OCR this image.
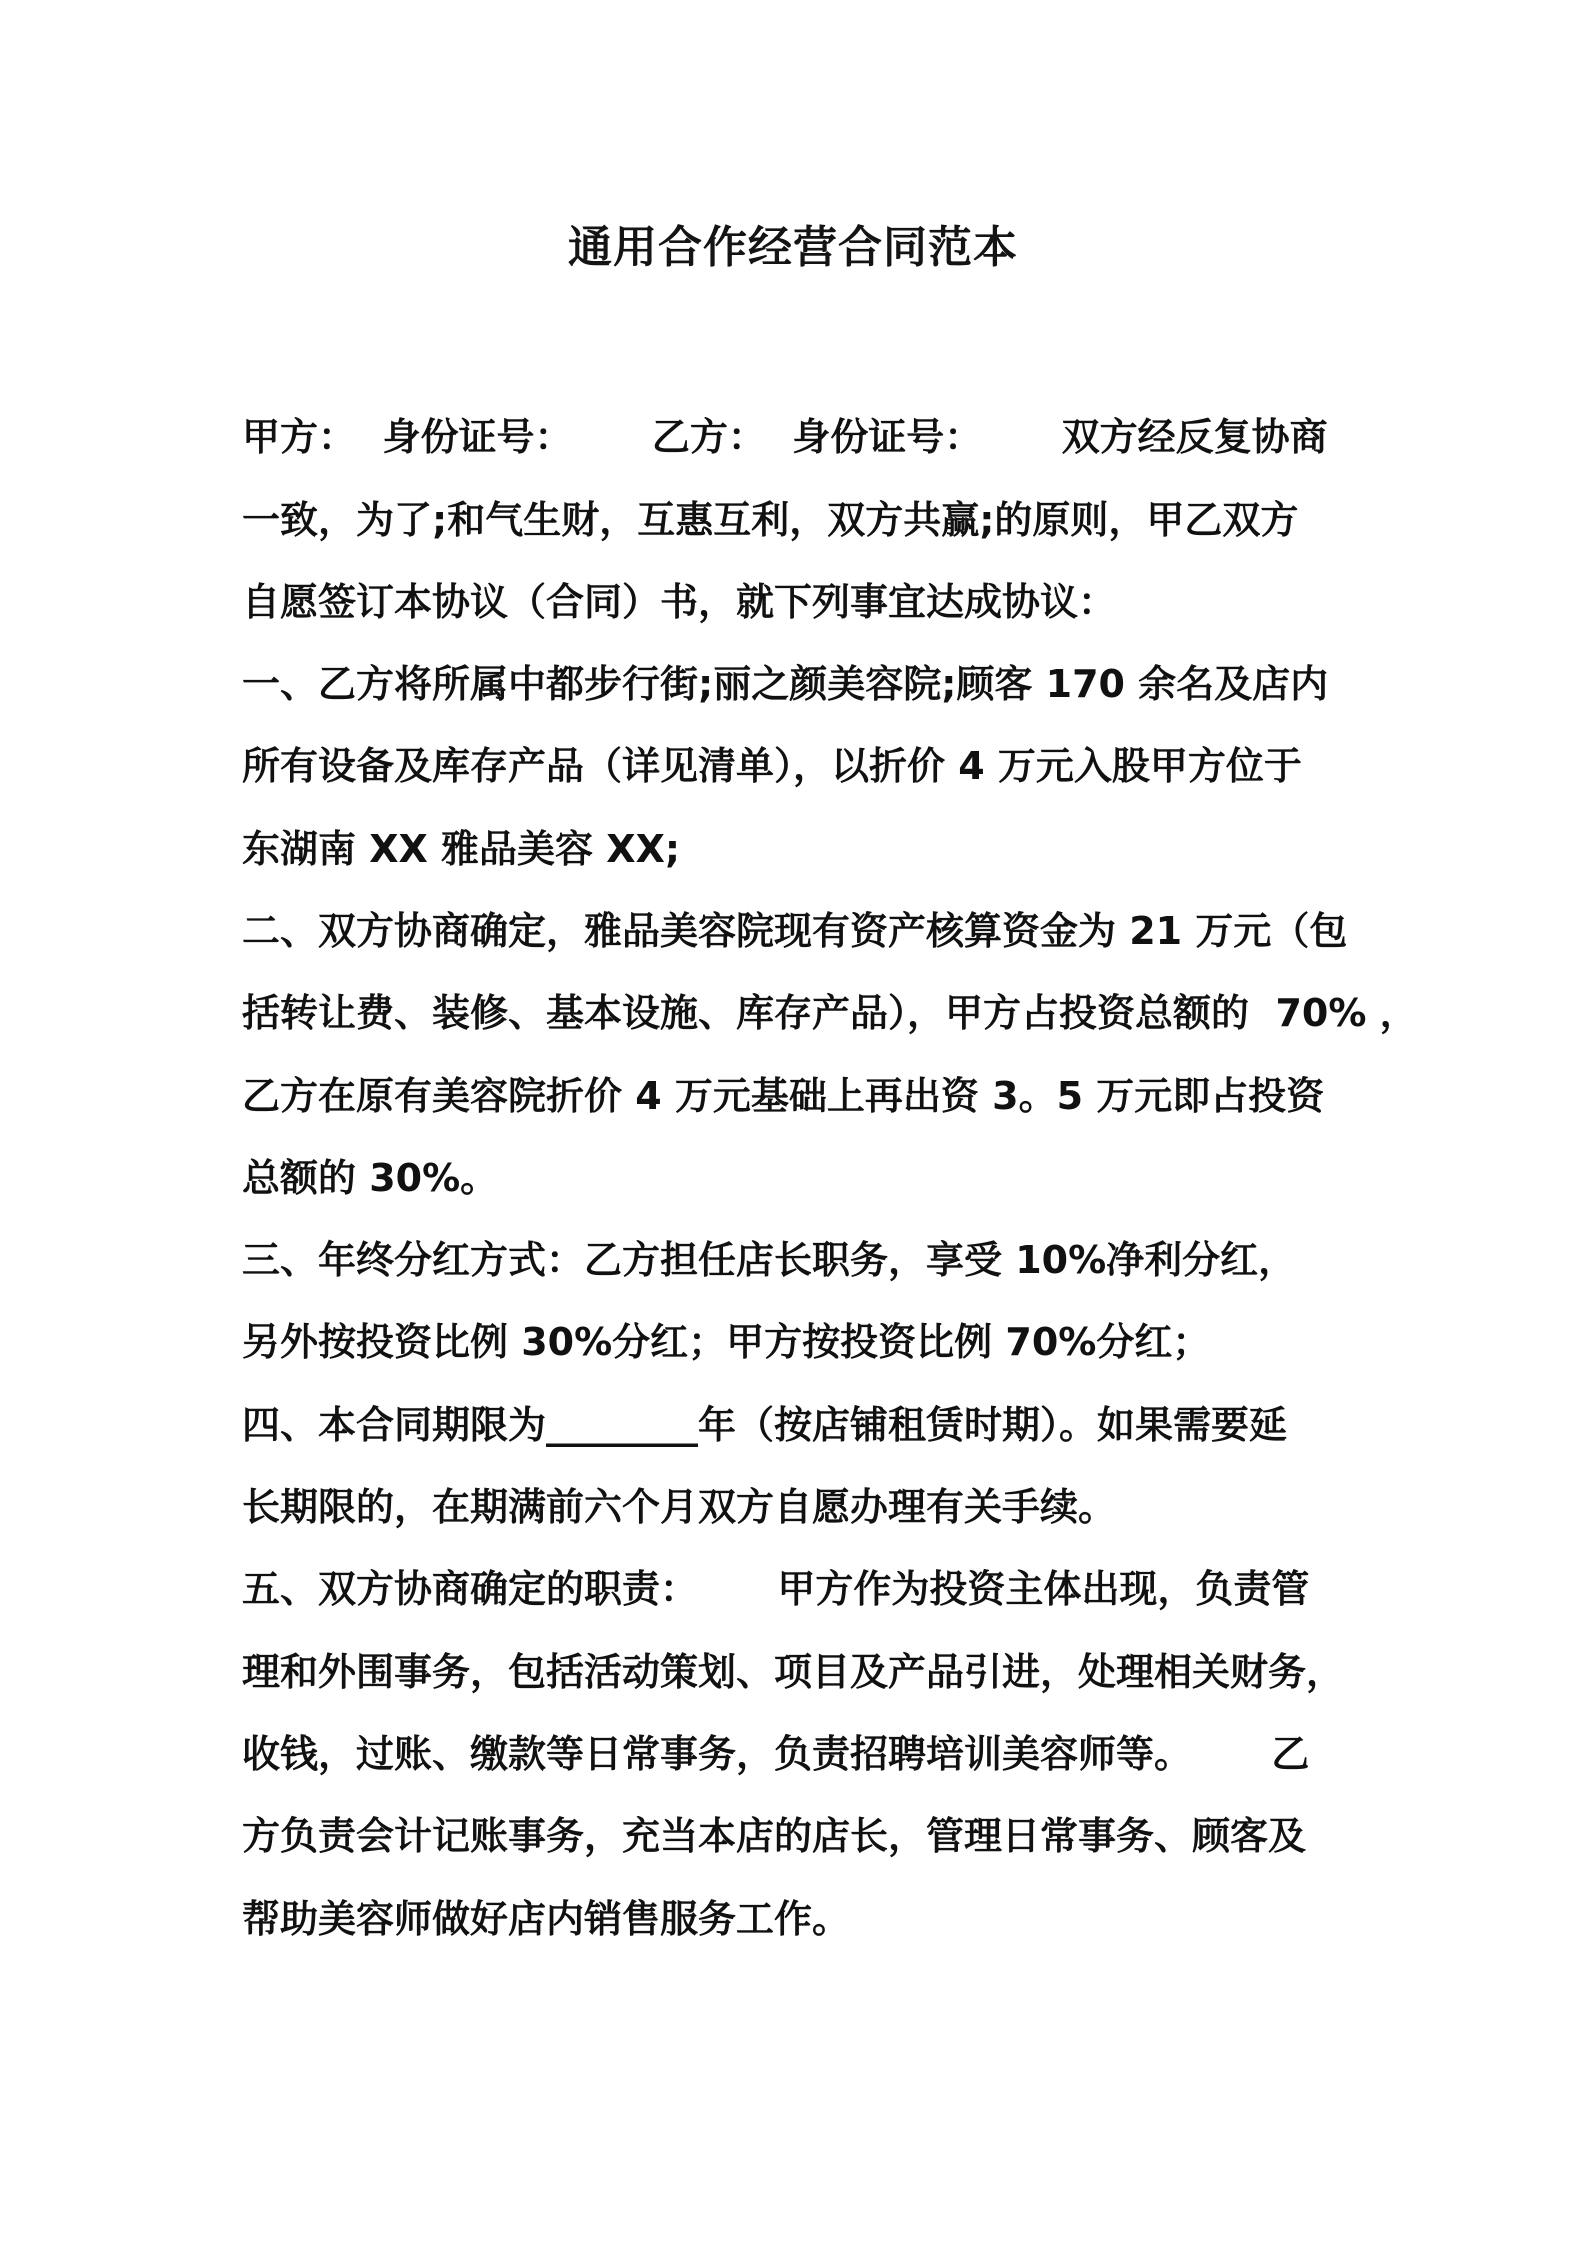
通用合作经营合同范本
甲方：  身份证号：      乙方：  身份证号：      双方经反复协商
一致，为了;和气生财，互惠互利，双方共赢;的原则，甲乙双方
自愿签订本协议（合同）书，就下列事宜达成协议：
一、乙方将所属中都步行街;丽之颜美容院;顾客 170 余名及店内
所有设备及库存产品（详见清单），以折价 4 万元入股甲方位于
东湖南 XX 雅品美容 XX;
二、双方协商确定，雅品美容院现有资产核算资金为 21 万元（包
括转让费、装修、基本设施、库存产品），甲方占投资总额的  70% ，
乙方在原有美容院折价 4 万元基础上再出资 3。5 万元即占投资
总额的 30%。
三、年终分红方式：乙方担任店长职务，享受 10%净利分红，
另外按投资比例 30%分红；甲方按投资比例 70%分红；
四、本合同期限为________年（按店铺租赁时期）。如果需要延
长期限的，在期满前六个月双方自愿办理有关手续。
五、双方协商确定的职责：      甲方作为投资主体出现，负责管
理和外围事务，包括活动策划、项目及产品引进，处理相关财务，
收钱，过账、缴款等日常事务，负责招聘培训美容师等。      乙
方负责会计记账事务，充当本店的店长，管理日常事务、顾客及
帮助美容师做好店内销售服务工作。
